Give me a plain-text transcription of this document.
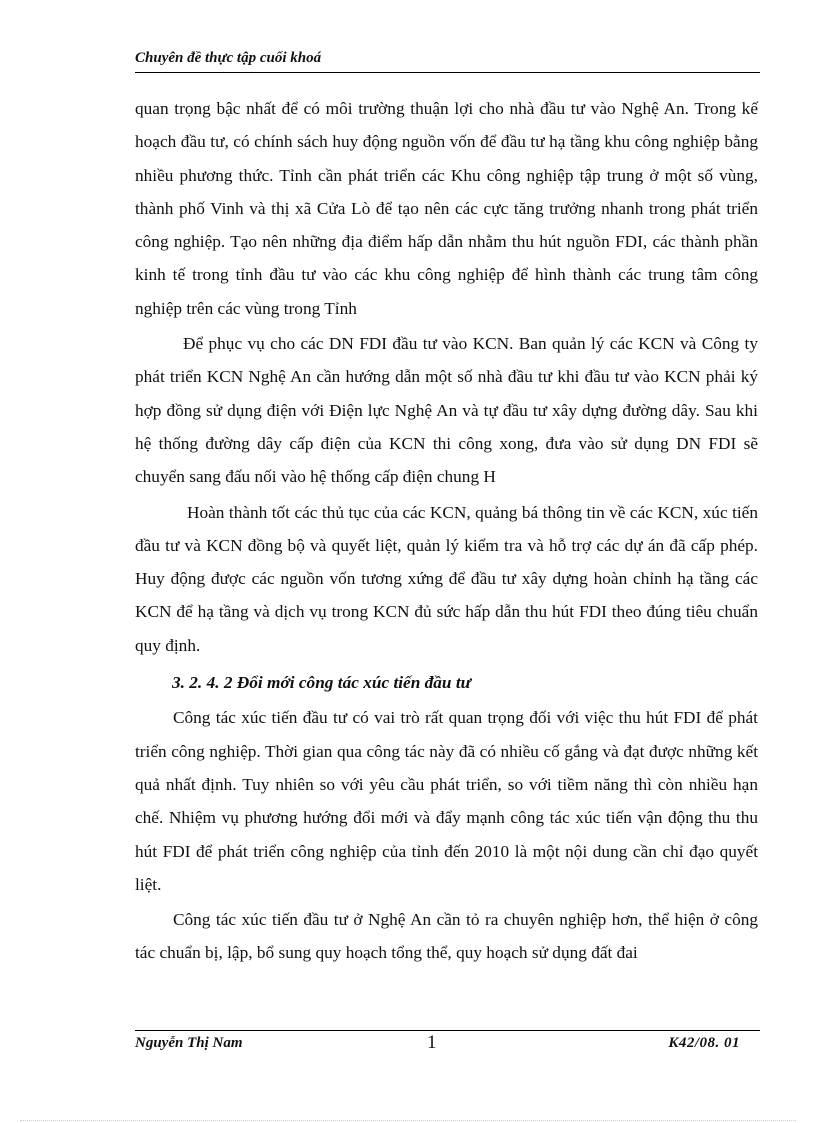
Chuyên đề thực tập cuối khoá

quan trọng bậc nhất để có môi trường thuận lợi cho nhà đầu tư vào Nghệ An. Trong kế hoạch đầu tư, có chính sách huy động nguồn vốn để đầu tư hạ tầng khu công nghiệp bằng nhiều phương thức. Tỉnh cần phát triển các Khu công nghiệp tập trung ở một số vùng, thành phố Vinh và thị xã Cửa Lò để tạo nên các cực tăng trưởng nhanh trong phát triển công nghiệp. Tạo nên những địa điểm hấp dẫn nhằm thu hút nguồn FDI, các thành phần kinh tế trong tỉnh đầu tư vào các khu công nghiệp để hình thành các trung tâm công nghiệp trên các vùng trong Tỉnh

Để phục vụ cho các DN FDI đầu tư vào KCN. Ban quản lý các KCN và Công ty phát triển KCN Nghệ An cần hướng dẫn một số nhà đầu tư khi đầu tư vào KCN phải ký hợp đồng sử dụng điện với Điện lực Nghệ An và tự đầu tư xây dựng đường dây. Sau khi hệ thống đường dây cấp điện của KCN thi công xong, đưa vào sử dụng DN FDI sẽ chuyển sang đấu nối vào hệ thống cấp điện chung H

Hoàn thành tốt các thủ tục của các KCN, quảng bá thông tin về các KCN, xúc tiến đầu tư và KCN đồng bộ và quyết liệt, quản lý kiểm tra và hỗ trợ các dự án đã cấp phép. Huy động được các nguồn vốn tương xứng để đầu tư xây dựng hoàn chỉnh hạ tầng các KCN để hạ tầng và dịch vụ trong KCN đủ sức hấp dẫn thu hút FDI theo đúng tiêu chuẩn quy định.

3. 2. 4. 2 Đổi mới công tác xúc tiến đầu tư

Công tác xúc tiến đầu tư có vai trò rất quan trọng đối với việc thu hút FDI để phát triển công nghiệp. Thời gian qua công tác này đã có nhiều cố gắng và đạt được những kết quả nhất định. Tuy nhiên so với yêu cầu phát triển, so với tiềm năng thì còn nhiều hạn chế. Nhiệm vụ phương hướng đổi mới và đẩy mạnh công tác xúc tiến vận động thu thu hút FDI để phát triển công nghiệp của tỉnh đến 2010 là một nội dung cần chỉ đạo quyết liệt.

Công tác xúc tiến đầu tư ở Nghệ An cần tỏ ra chuyên nghiệp hơn, thể hiện ở công tác chuẩn bị, lập, bổ sung quy hoạch tổng thể, quy hoạch sử dụng đất đai

Nguyễn Thị Nam	1	K42/08. 01
